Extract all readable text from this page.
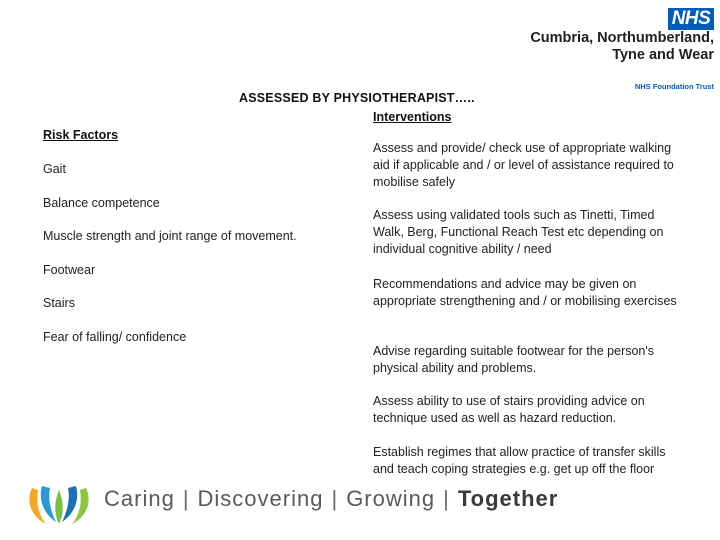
NHS
Cumbria, Northumberland,
Tyne and Wear
NHS Foundation Trust
ASSESSED BY PHYSIOTHERAPIST…..
Interventions
Risk Factors
Gait
Balance competence
Muscle strength and joint range of movement.
Footwear
Stairs
Fear of falling/ confidence
Assess and provide/ check use of appropriate walking aid if applicable and / or level of assistance required to mobilise safely
Assess using validated tools such as Tinetti, Timed Walk, Berg, Functional Reach Test etc depending on individual cognitive ability / need
Recommendations and advice may be given on appropriate strengthening and / or mobilising exercises
Advise regarding suitable footwear for the person's physical ability and problems.
Assess ability to use of stairs providing advice on technique used as well as hazard reduction.
Establish regimes that allow practice of transfer skills and teach coping strategies e.g. get up off the floor
Caring | Discovering | Growing | Together
